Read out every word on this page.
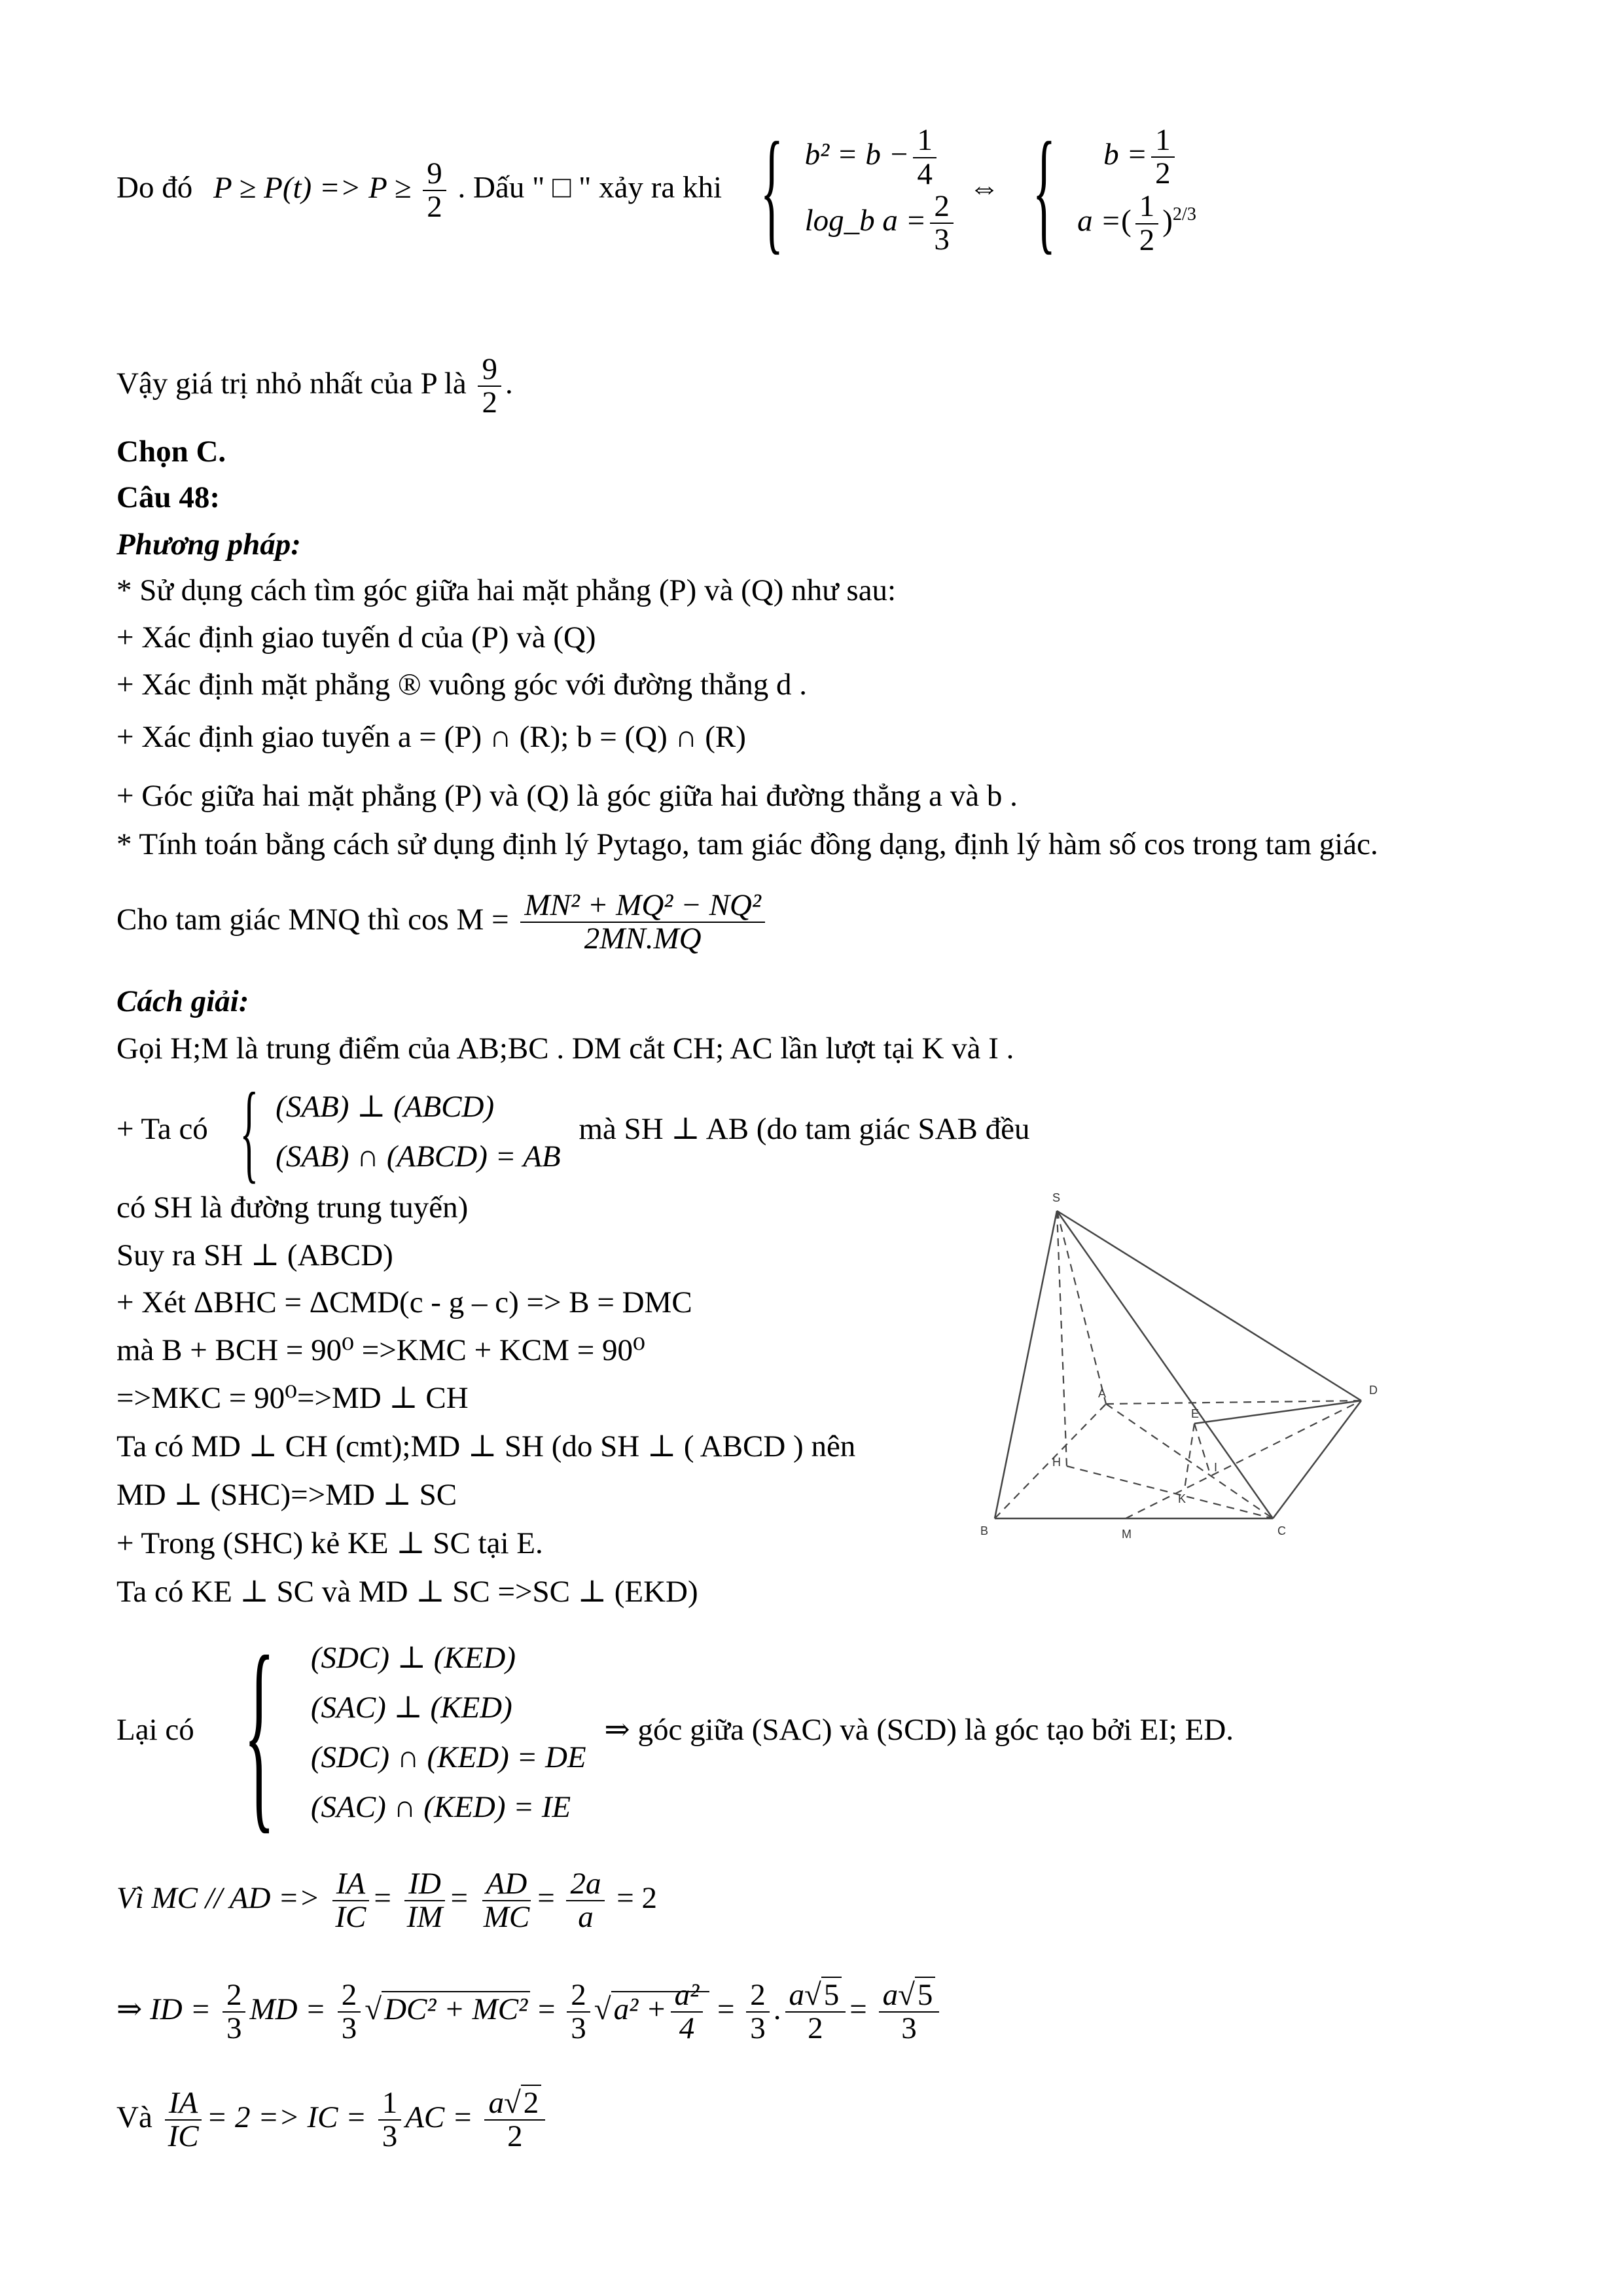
Do đó $P \ge P(t) => P \ge \frac{9}{2}$ . Dấu " □ " xảy ra khi { $b^2 = b - \frac{1}{4}$
log_b $a = \frac{2}{3}$
⇔ {	$b = \frac{1}{2}$
a =( $\frac{1}{2} )^{2/3}$
Vậy giá trị nhỏ nhất của P là $\frac{9}{2}$ .
Chọn C.
Câu 48:
Phương pháp:
* Sử dụng cách tìm góc giữa hai mặt phẳng (P) và (Q) như sau:
+ Xác định giao tuyến d của (P) và (Q)
+ Xác định mặt phẳng ® vuông góc với đường thẳng d .
+ Xác định giao tuyến a = (P) ∩ (R); b = (Q) ∩ (R)
+ Góc giữa hai mặt phẳng (P) và (Q) là góc giữa hai đường thẳng a và b .
* Tính toán bằng cách sử dụng định lý Pytago, tam giác đồng dạng, định lý hàm số cos trong tam giác.
Cho tam giác MNQ thì $\cos M = \frac{\text{MN² + MQ² − NQ²}}{2MN.MQ}$
Cách giải:
Gọi H;M là trung điểm của AB;BC . DM cắt CH; AC lần lượt tại K và I .
+ Ta có { (SAB) ⊥ (ABCD)
(SAB) ∩ (ABCD) = AB
mà SH ⊥ AB (do tam giác SAB đều
có SH là đường trung tuyến)
Suy ra SH ⊥ (ABCD)
+ Xét ΔBHC = ΔCMD(c - g – c) => B = DMC
mà B + BCH = 90⁰ =>KMC + KCM = 90⁰
=>MKC = 90⁰=>MD ⊥ CH
Ta có MD ⊥ CH (cmt);MD ⊥ SH (do SH ⊥ ( ABCD ) nên
MD ⊥ (SHC)=>MD ⊥ SC
+ Trong (SHC) kẻ KE ⊥ SC tại E.
Ta có KE ⊥ SC và MD ⊥ SC =>SC ⊥ (EKD)
Lại có { (SDC) ⊥ (KED)
(SAC) ⊥ (KED)
(SDC) ∩ (KED) = DE
(SAC) ∩ (KED) = IE
⇒ góc giữa (SAC) và (SCD) là góc tạo bởi EI; ED.
Vì MC // AD => $\frac{IA}{IC} = \frac{ID}{IM} = \frac{AD}{MC} = \frac{2a}{a} = 2$
⇒ ID = $\frac{2}{3}$ MD = $\frac{2}{3} √DC^2 + MC^2 = \frac{2}{3} √a^2 + \frac{\text{a²}}{4} = \frac{2}{3}$ . $\frac{a√5}{2} = \frac{a√5}{3}$
Và $\frac{IA}{IC} = 2$ => IC = $\frac{1}{3}$ AC = $\frac{a√2}{2}$
S
A	D
H
E
I
K
B	M	C
